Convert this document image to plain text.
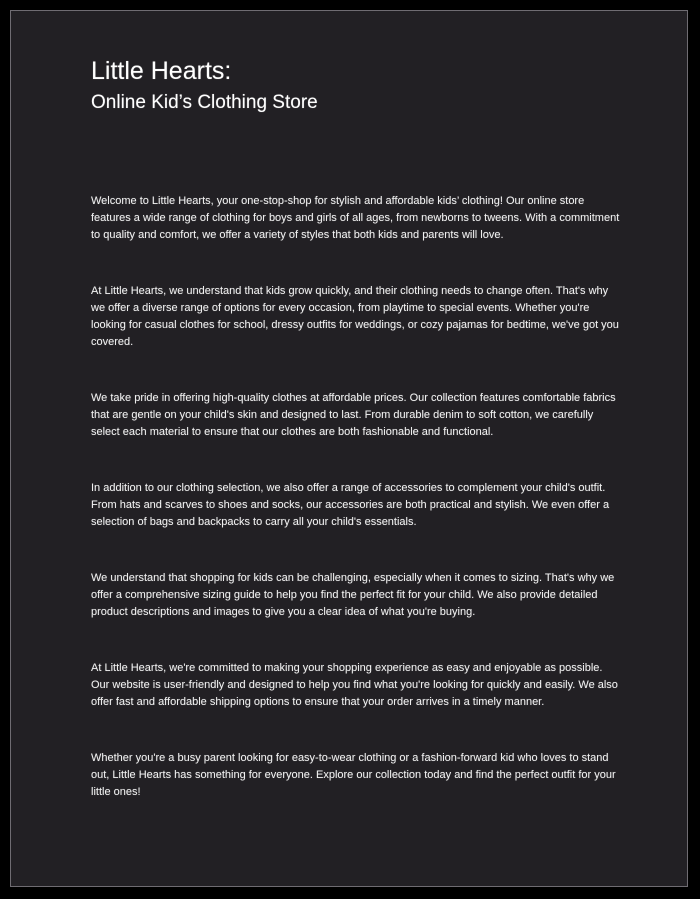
Little Hearts:
Online Kid’s Clothing Store

Welcome to Little Hearts, your one-stop-shop for stylish and affordable kids’ clothing! Our online store features a wide range of clothing for boys and girls of all ages, from newborns to tweens. With a commitment to quality and comfort, we offer a variety of styles that both kids and parents will love.

At Little Hearts, we understand that kids grow quickly, and their clothing needs to change often. That's why we offer a diverse range of options for every occasion, from playtime to special events. Whether you're looking for casual clothes for school, dressy outfits for weddings, or cozy pajamas for bedtime, we've got you covered.

We take pride in offering high-quality clothes at affordable prices. Our collection features comfortable fabrics that are gentle on your child's skin and designed to last. From durable denim to soft cotton, we carefully select each material to ensure that our clothes are both fashionable and functional.

In addition to our clothing selection, we also offer a range of accessories to complement your child's outfit. From hats and scarves to shoes and socks, our accessories are both practical and stylish. We even offer a selection of bags and backpacks to carry all your child's essentials.

We understand that shopping for kids can be challenging, especially when it comes to sizing. That's why we offer a comprehensive sizing guide to help you find the perfect fit for your child. We also provide detailed product descriptions and images to give you a clear idea of what you're buying.

At Little Hearts, we're committed to making your shopping experience as easy and enjoyable as possible. Our website is user-friendly and designed to help you find what you're looking for quickly and easily. We also offer fast and affordable shipping options to ensure that your order arrives in a timely manner.

Whether you're a busy parent looking for easy-to-wear clothing or a fashion-forward kid who loves to stand out, Little Hearts has something for everyone. Explore our collection today and find the perfect outfit for your little ones!
